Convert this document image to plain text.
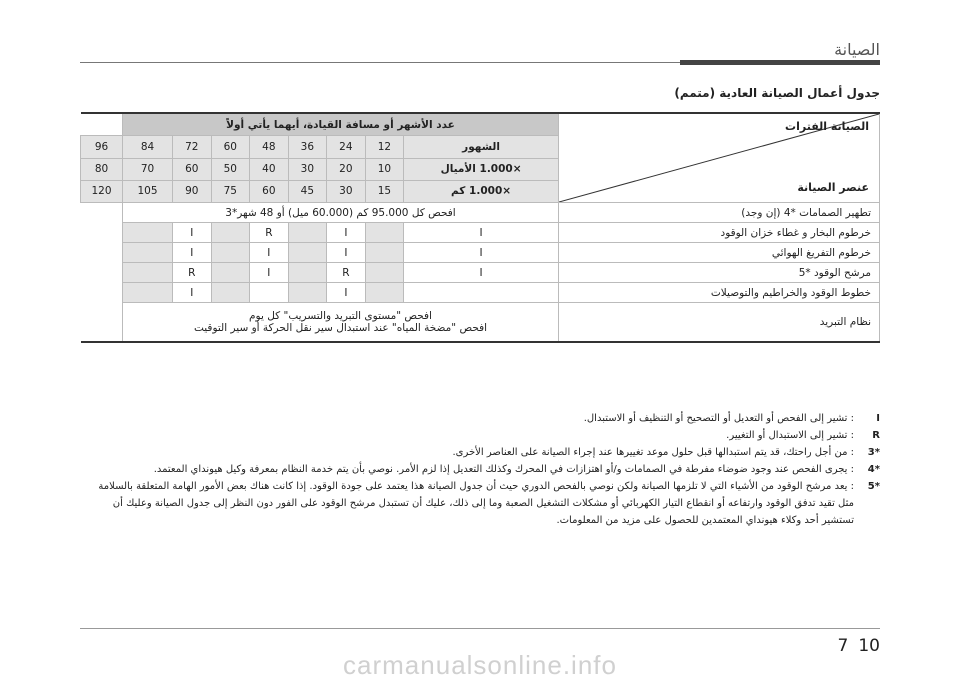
الصيانة
جدول أعمال الصيانة العادية (متمم)
الصيانة الفترات
عنصر الصيانة	عدد الأشهر أو مسافة القيادة، أيهما يأتي أولاً								
	الشهور	12	24	36	48	60	72	84	96
	×1.000 الأميال	10	20	30	40	50	60	70	80
	×1.000 كم	15	30	45	60	75	90	105	120
تطهير الصمامات *4 (إن وجد)	افحص كل 95.000 كم (60.000 ميل) أو 48 شهر*3								
خرطوم البخار و غطاء خزان الوقود	I		I		R		I		
خرطوم التفريغ الهوائي	I		I		I		I		
مرشح الوقود *5	I		R		I		R		
خطوط الوقود والخراطيم والتوصيلات			I				I		
نظام التبريد	افحص "مستوى التبريد والتسريب" كل يوم
افحص "مضخة المياه" عند استبدال سير نقل الحركة أو سير التوقيت								
I
: تشير إلى الفحص أو التعديل أو التصحيح أو التنظيف أو الاستبدال.
R
: تشير إلى الاستبدال أو التغيير.
*3
: من أجل راحتك، قد يتم استبدالها قبل حلول موعد تغييرها عند إجراء الصيانة على العناصر الأخرى.
*4
: يجرى الفحص عند وجود ضوضاء مفرطة في الصمامات و/أو اهتزازات في المحرك وكذلك التعديل إذا لزم الأمر. نوصي بأن يتم خدمة النظام بمعرفة وكيل هيونداي المعتمد.
*5
: يعد مرشح الوقود من الأشياء التي لا تلزمها الصيانة ولكن نوصي بالفحص الدوري حيث أن جدول الصيانة هذا يعتمد على جودة الوقود. إذا كانت هناك بعض الأمور الهامة المتعلقة بالسلامة مثل تقيد تدفق الوقود وارتفاعه أو انقطاع التيار الكهربائي أو مشكلات التشغيل الصعبة وما إلى ذلك، عليك أن تستبدل مرشح الوقود على الفور دون النظر إلى جدول الصيانة وعليك أن تستشير أحد وكلاء هيونداي المعتمدين للحصول على مزيد من المعلومات.
7 10
carmanualsonline.info
